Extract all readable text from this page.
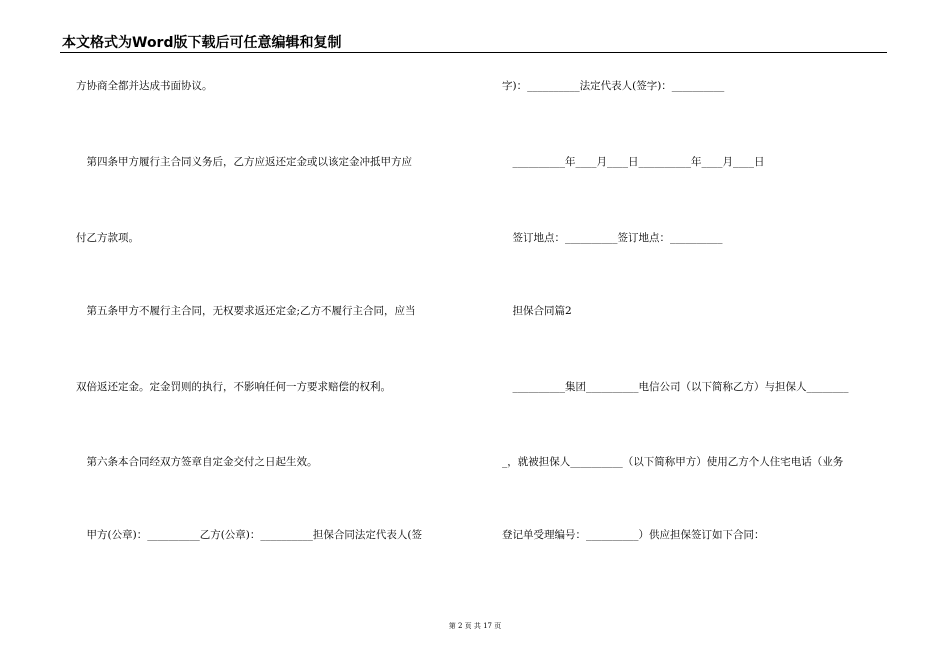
本文格式为Word版下载后可任意编辑和复制
方协商全都并达成书面协议。
　第四条甲方履行主合同义务后，乙方应返还定金或以该定金冲抵甲方应
付乙方款项。
　第五条甲方不履行主合同，无权要求返还定金;乙方不履行主合同，应当
双倍返还定金。定金罚则的执行，不影响任何一方要求赔偿的权利。
　第六条本合同经双方签章自定金交付之日起生效。
　甲方(公章)：__________乙方(公章)：__________担保合同法定代表人(签
字)：__________法定代表人(签字)：__________
　__________年____月____日__________年____月____日
　签订地点：__________签订地点：__________
　担保合同篇2
　__________集团__________电信公司（以下简称乙方）与担保人________
_，就被担保人__________（以下简称甲方）使用乙方个人住宅电话（业务
登记单受理编号：__________）供应担保签订如下合同：
第 2 页 共 17 页
